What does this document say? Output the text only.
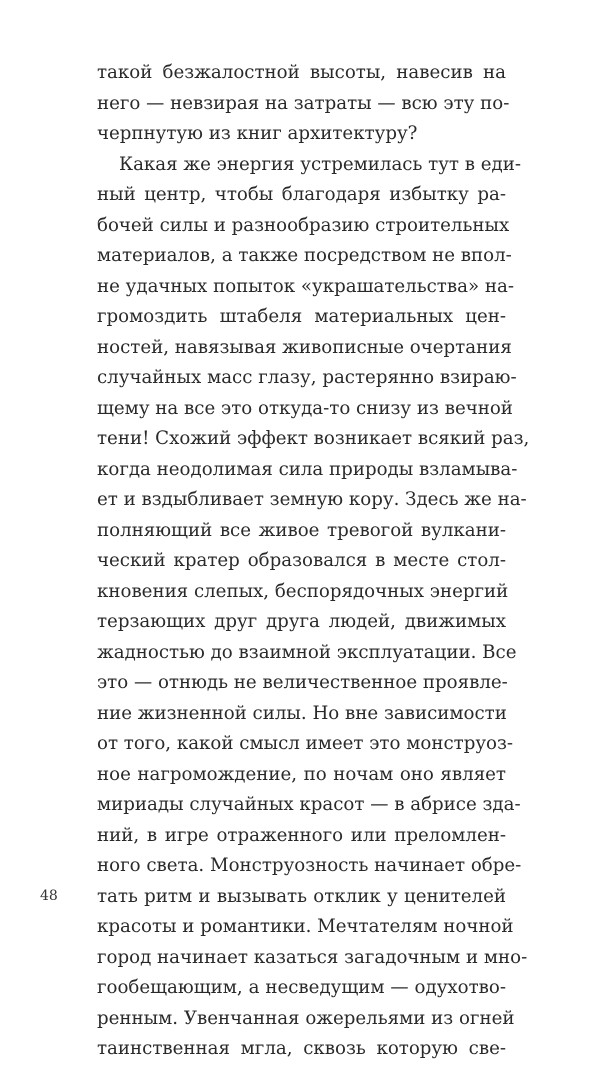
такой безжалостной высоты, навесив на
него — невзирая на затраты — всю эту по-
черпнутую из книг архитектуру?
Какая же энергия устремилась тут в еди-
ный центр, чтобы благодаря избытку ра-
бочей силы и разнообразию строительных
материалов, а также посредством не впол-
не удачных попыток «украшательства» на-
громоздить штабеля материальных цен-
ностей, навязывая живописные очертания
случайных масс глазу, растерянно взираю-
щему на все это откуда-то снизу из вечной
тени! Схожий эффект возникает всякий раз,
когда неодолимая сила природы взламыва-
ет и вздыбливает земную кору. Здесь же на-
полняющий все живое тревогой вулкани-
ческий кратер образовался в месте стол-
кновения слепых, беспорядочных энергий
терзающих друг друга людей, движимых
жадностью до взаимной эксплуатации. Все
это — отнюдь не величественное проявле-
ние жизненной силы. Но вне зависимости
от того, какой смысл имеет это монструоз-
ное нагромождение, по ночам оно являет
мириады случайных красот — в абрисе зда-
ний, в игре отраженного или преломлен-
ного света. Монструозность начинает обре-
тать ритм и вызывать отклик у ценителей
красоты и романтики. Мечтателям ночной
город начинает казаться загадочным и мно-
гообещающим, а несведущим — одухотво-
ренным. Увенчанная ожерельями из огней
таинственная мгла, сквозь которую све-
48
